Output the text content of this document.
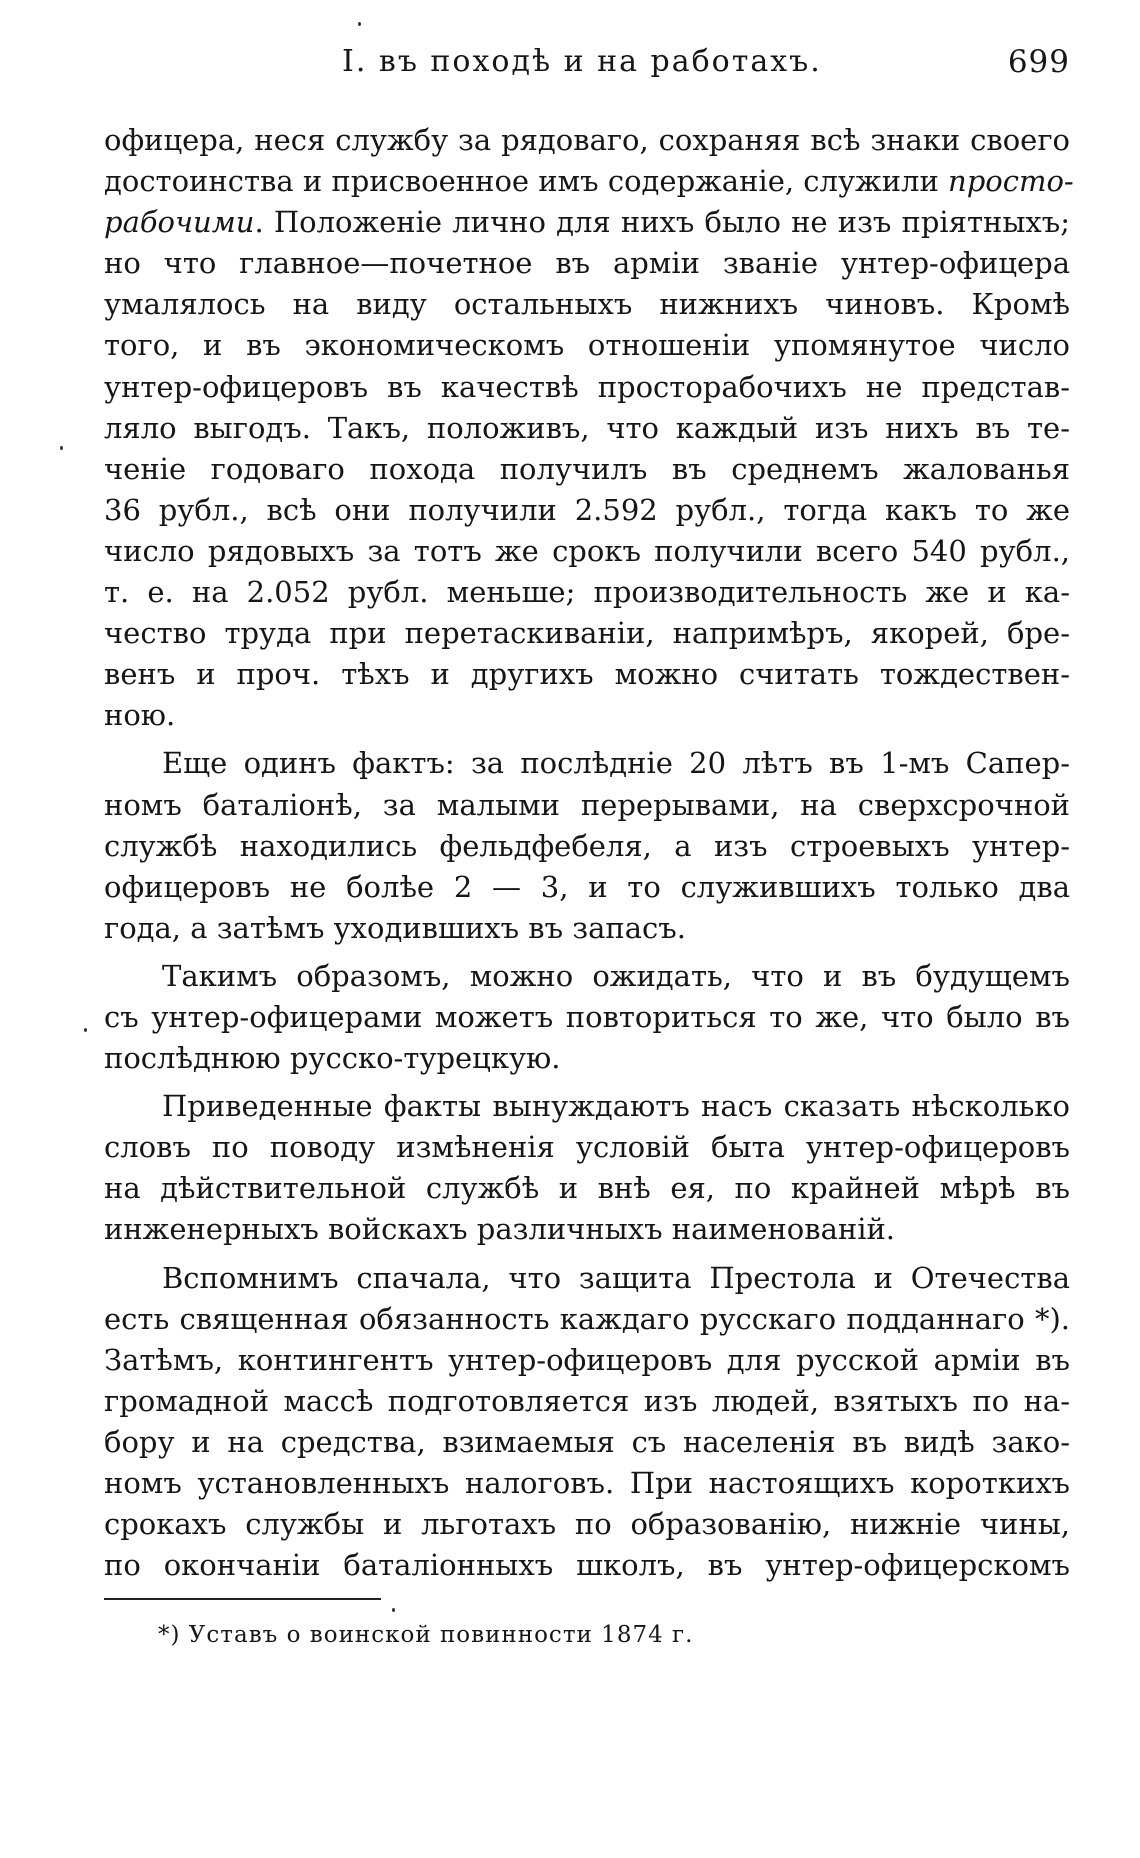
I. въ походѣ и на работахъ.	699
офицера, неся службу за рядоваго, сохраняя всѣ знаки своего
достоинства и присвоенное имъ содержаніе, служили просто-
рабочими. Положеніе лично для нихъ было не изъ пріятныхъ;
но что главное—почетное въ арміи званіе унтер-офицера
умалялось на виду остальныхъ нижнихъ чиновъ. Кромѣ
того, и въ экономическомъ отношеніи упомянутое число
унтер-офицеровъ въ качествѣ просторабочихъ не представ-
ляло выгодъ. Такъ, положивъ, что каждый изъ нихъ въ те-
ченіе годоваго похода получилъ въ среднемъ жалованья
36 рубл., всѣ они получили 2.592 рубл., тогда какъ то же
число рядовыхъ за тотъ же срокъ получили всего 540 рубл.,
т. е. на 2.052 рубл. меньше; производительность же и ка-
чество труда при перетаскиваніи, напримѣръ, якорей, бре-
венъ и проч. тѣхъ и другихъ можно считать тождествен-
ною.
Еще одинъ фактъ: за послѣдніе 20 лѣтъ въ 1-мъ Сапер-
номъ баталіонѣ, за малыми перерывами, на сверхсрочной
службѣ находились фельдфебеля, а изъ строевыхъ унтер-
офицеровъ не болѣе 2 — 3, и то служившихъ только два
года, а затѣмъ уходившихъ въ запасъ.
Такимъ образомъ, можно ожидать, что и въ будущемъ
съ унтер-офицерами можетъ повториться то же, что было въ
послѣднюю русско-турецкую.
Приведенные факты вынуждаютъ насъ сказать нѣсколько
словъ по поводу измѣненія условій быта унтер-офицеровъ
на дѣйствительной службѣ и внѣ ея, по крайней мѣрѣ въ
инженерныхъ войскахъ различныхъ наименованій.
Вспомнимъ спачала, что защита Престола и Отечества
есть священная обязанность каждаго русскаго подданнаго *).
Затѣмъ, контингентъ унтер-офицеровъ для русской арміи въ
громадной массѣ подготовляется изъ людей, взятыхъ по на-
бору и на средства, взимаемыя съ населенія въ видѣ зако-
номъ установленныхъ налоговъ. При настоящихъ короткихъ
срокахъ службы и льготахъ по образованію, нижніе чины,
по окончаніи баталіонныхъ школъ, въ унтер-офицерскомъ
*) Уставъ о воинской повинности 1874 г.
